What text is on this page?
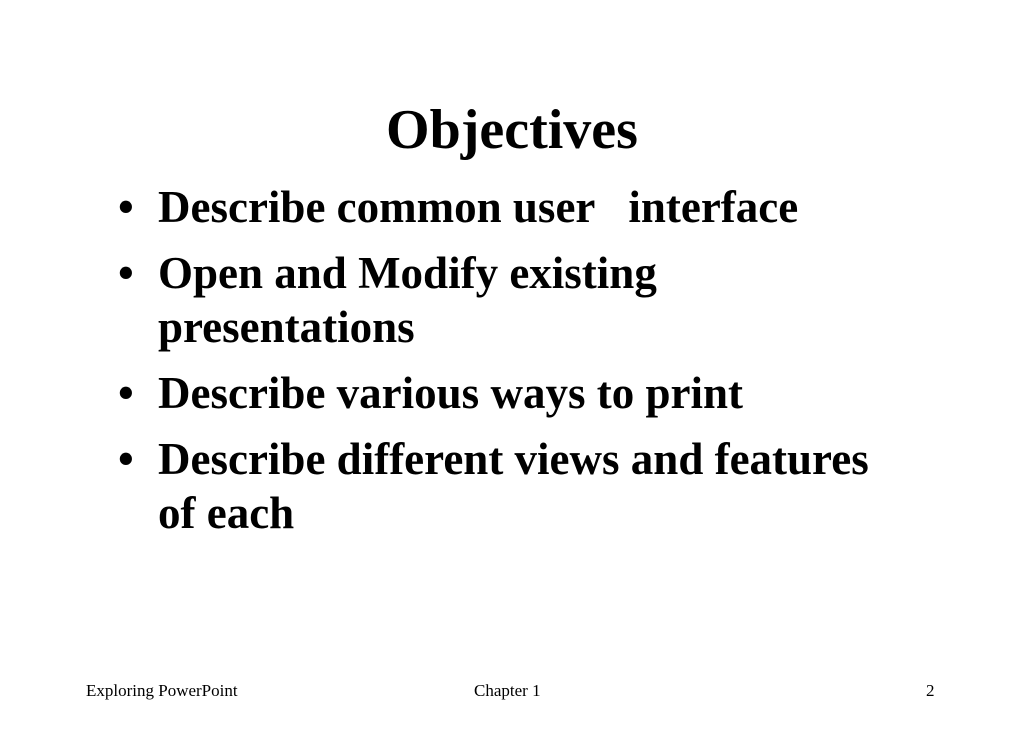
Objectives
• Describe common user   interface
• Open and Modify existing
presentations
• Describe various ways to print
• Describe different views and features
of each
Exploring PowerPoint	Chapter 1	2
